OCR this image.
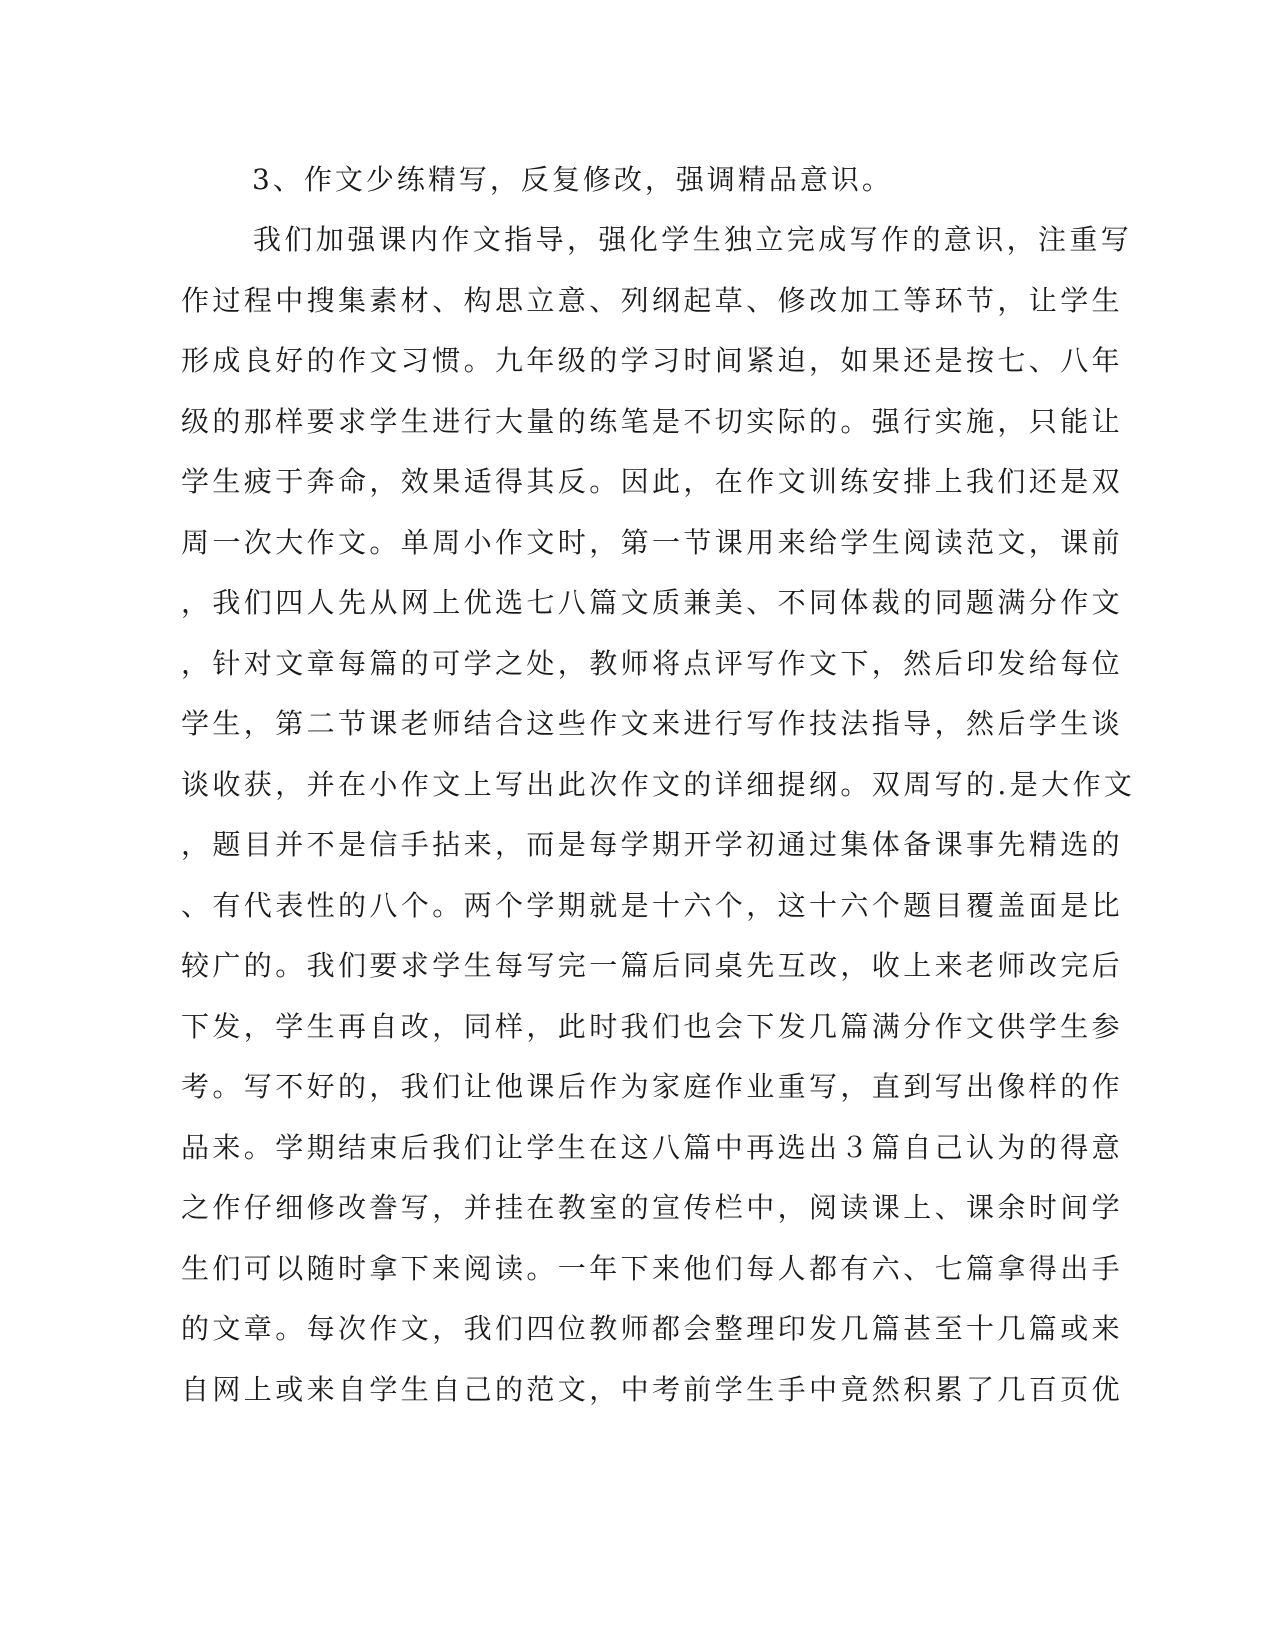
3、作文少练精写，反复修改，强调精品意识。

我们加强课内作文指导，强化学生独立完成写作的意识，注重写

作过程中搜集素材、构思立意、列纲起草、修改加工等环节，让学生

形成良好的作文习惯。九年级的学习时间紧迫，如果还是按七、八年

级的那样要求学生进行大量的练笔是不切实际的。强行实施，只能让

学生疲于奔命，效果适得其反。因此，在作文训练安排上我们还是双

周一次大作文。单周小作文时，第一节课用来给学生阅读范文，课前

，我们四人先从网上优选七八篇文质兼美、不同体裁的同题满分作文

，针对文章每篇的可学之处，教师将点评写作文下，然后印发给每位

学生，第二节课老师结合这些作文来进行写作技法指导，然后学生谈

谈收获，并在小作文上写出此次作文的详细提纲。双周写的.是大作文

，题目并不是信手拈来，而是每学期开学初通过集体备课事先精选的

、有代表性的八个。两个学期就是十六个，这十六个题目覆盖面是比

较广的。我们要求学生每写完一篇后同桌先互改，收上来老师改完后

下发，学生再自改，同样，此时我们也会下发几篇满分作文供学生参

考。写不好的，我们让他课后作为家庭作业重写，直到写出像样的作

品来。学期结束后我们让学生在这八篇中再选出３篇自己认为的得意

之作仔细修改誊写，并挂在教室的宣传栏中，阅读课上、课余时间学

生们可以随时拿下来阅读。一年下来他们每人都有六、七篇拿得出手

的文章。每次作文，我们四位教师都会整理印发几篇甚至十几篇或来

自网上或来自学生自己的范文，中考前学生手中竟然积累了几百页优
